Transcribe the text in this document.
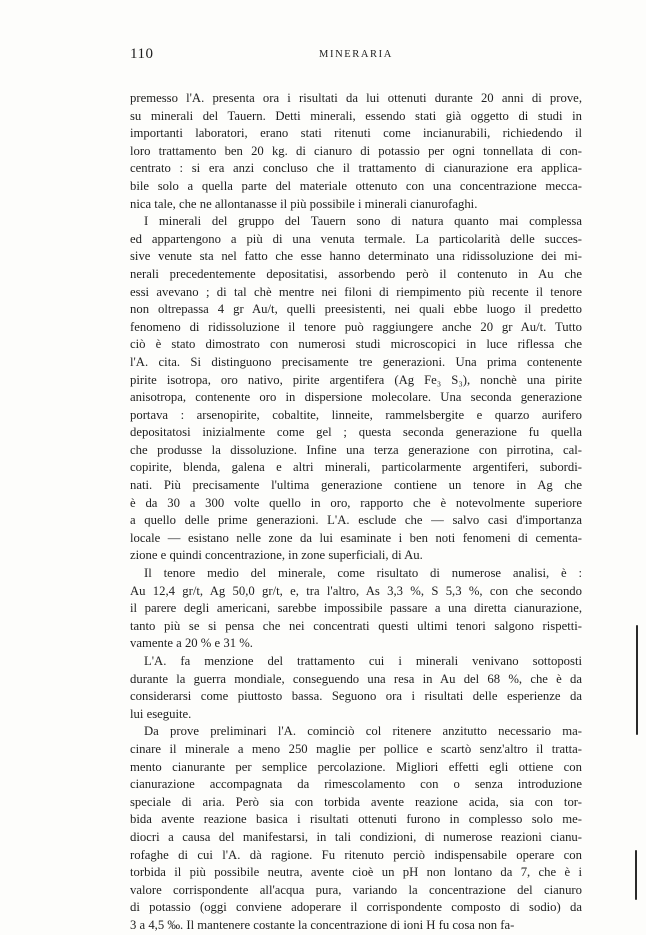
110	MINERARIA
premesso l'A. presenta ora i risultati da lui ottenuti durante 20 anni di prove,
su minerali del Tauern. Detti minerali, essendo stati già oggetto di studi in
importanti laboratori, erano stati ritenuti come incianurabili, richiedendo il
loro trattamento ben 20 kg. di cianuro di potassio per ogni tonnellata di con-
centrato : si era anzi concluso che il trattamento di cianurazione era applica-
bile solo a quella parte del materiale ottenuto con una concentrazione mecca-
nica tale, che ne allontanasse il più possibile i minerali cianurofaghi.
I minerali del gruppo del Tauern sono di natura quanto mai complessa
ed appartengono a più di una venuta termale. La particolarità delle succes-
sive venute sta nel fatto che esse hanno determinato una ridissoluzione dei mi-
nerali precedentemente depositatisi, assorbendo però il contenuto in Au che
essi avevano ; di tal chè mentre nei filoni di riempimento più recente il tenore
non oltrepassa 4 gr Au/t, quelli preesistenti, nei quali ebbe luogo il predetto
fenomeno di ridissoluzione il tenore può raggiungere anche 20 gr Au/t. Tutto
ciò è stato dimostrato con numerosi studi microscopici in luce riflessa che
l'A. cita. Si distinguono precisamente tre generazioni. Una prima contenente
pirite isotropa, oro nativo, pirite argentifera (Ag Fe₃ S₃), nonchè una pirite
anisotropa, contenente oro in dispersione molecolare. Una seconda generazione
portava : arsenopirite, cobaltite, linneite, rammelsbergite e quarzo aurifero
depositatosi inizialmente come gel ; questa seconda generazione fu quella
che produsse la dissoluzione. Infine una terza generazione con pirrotina, cal-
copirite, blenda, galena e altri minerali, particolarmente argentiferi, subordi-
nati. Più precisamente l'ultima generazione contiene un tenore in Ag che
è da 30 a 300 volte quello in oro, rapporto che è notevolmente superiore
a quello delle prime generazioni. L'A. esclude che — salvo casi d'importanza
locale — esistano nelle zone da lui esaminate i ben noti fenomeni di cementa-
zione e quindi concentrazione, in zone superficiali, di Au.
Il tenore medio del minerale, come risultato di numerose analisi, è :
Au 12,4 gr/t, Ag 50,0 gr/t, e, tra l'altro, As 3,3 %, S 5,3 %, con che secondo
il parere degli americani, sarebbe impossibile passare a una diretta cianurazione,
tanto più se si pensa che nei concentrati questi ultimi tenori salgono rispetti-
vamente a 20 % e 31 %.
L'A. fa menzione del trattamento cui i minerali venivano sottoposti
durante la guerra mondiale, conseguendo una resa in Au del 68 %, che è da
considerarsi come piuttosto bassa. Seguono ora i risultati delle esperienze da
lui eseguite.
Da prove preliminari l'A. cominciò col ritenere anzitutto necessario ma-
cinare il minerale a meno 250 maglie per pollice e scartò senz'altro il tratta-
mento cianurante per semplice percolazione. Migliori effetti egli ottiene con
cianurazione accompagnata da rimescolamento con o senza introduzione
speciale di aria. Però sia con torbida avente reazione acida, sia con tor-
bida avente reazione basica i risultati ottenuti furono in complesso solo me-
diocri a causa del manifestarsi, in tali condizioni, di numerose reazioni cianu-
rofaghe di cui l'A. dà ragione. Fu ritenuto perciò indispensabile operare con
torbida il più possibile neutra, avente cioè un pH non lontano da 7, che è i
valore corrispondente all'acqua pura, variando la concentrazione del cianuro
di potassio (oggi conviene adoperare il corrispondente composto di sodio) da
3 a 4,5 ‰. Il mantenere costante la concentrazione di ioni H fu cosa non fa-
